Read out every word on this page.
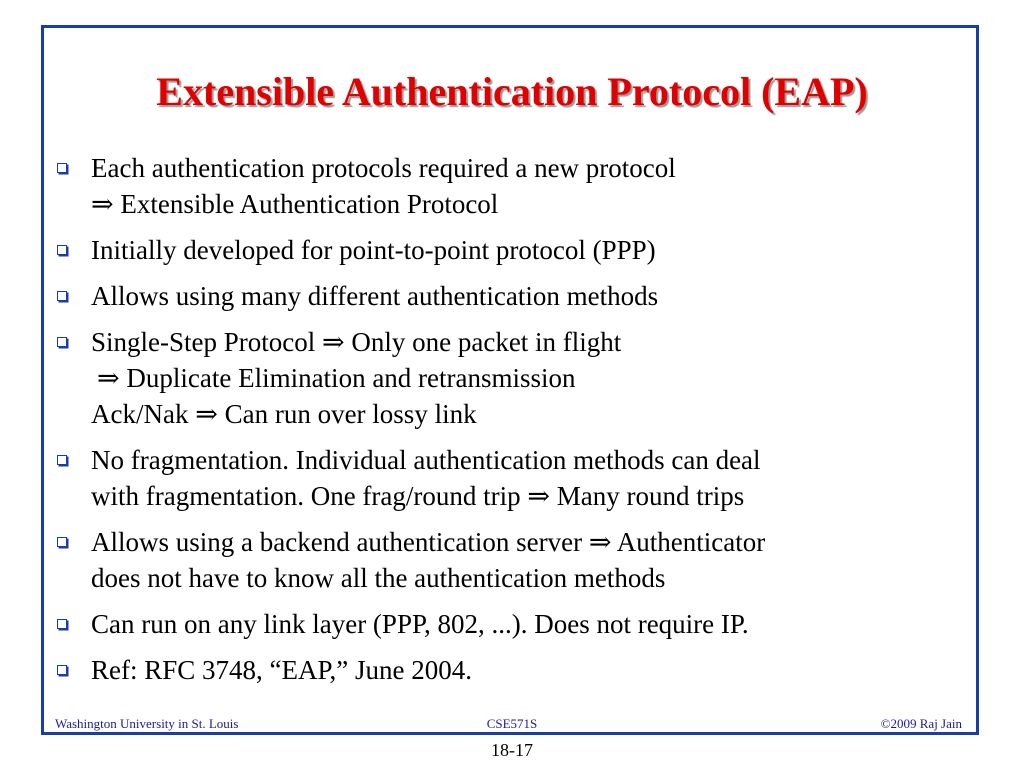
Extensible Authentication Protocol (EAP)
Each authentication protocols required a new protocol
⇒ Extensible Authentication Protocol
Initially developed for point-to-point protocol (PPP)
Allows using many different authentication methods
Single-Step Protocol ⇒ Only one packet in flight
⇒ Duplicate Elimination and retransmission
Ack/Nak ⇒ Can run over lossy link
No fragmentation. Individual authentication methods can deal
with fragmentation. One frag/round trip ⇒ Many round trips
Allows using a backend authentication server ⇒ Authenticator
does not have to know all the authentication methods
Can run on any link layer (PPP, 802, ...). Does not require IP.
Ref: RFC 3748, “EAP,” June 2004.
Washington University in St. Louis	CSE571S	©2009 Raj Jain
18-17
